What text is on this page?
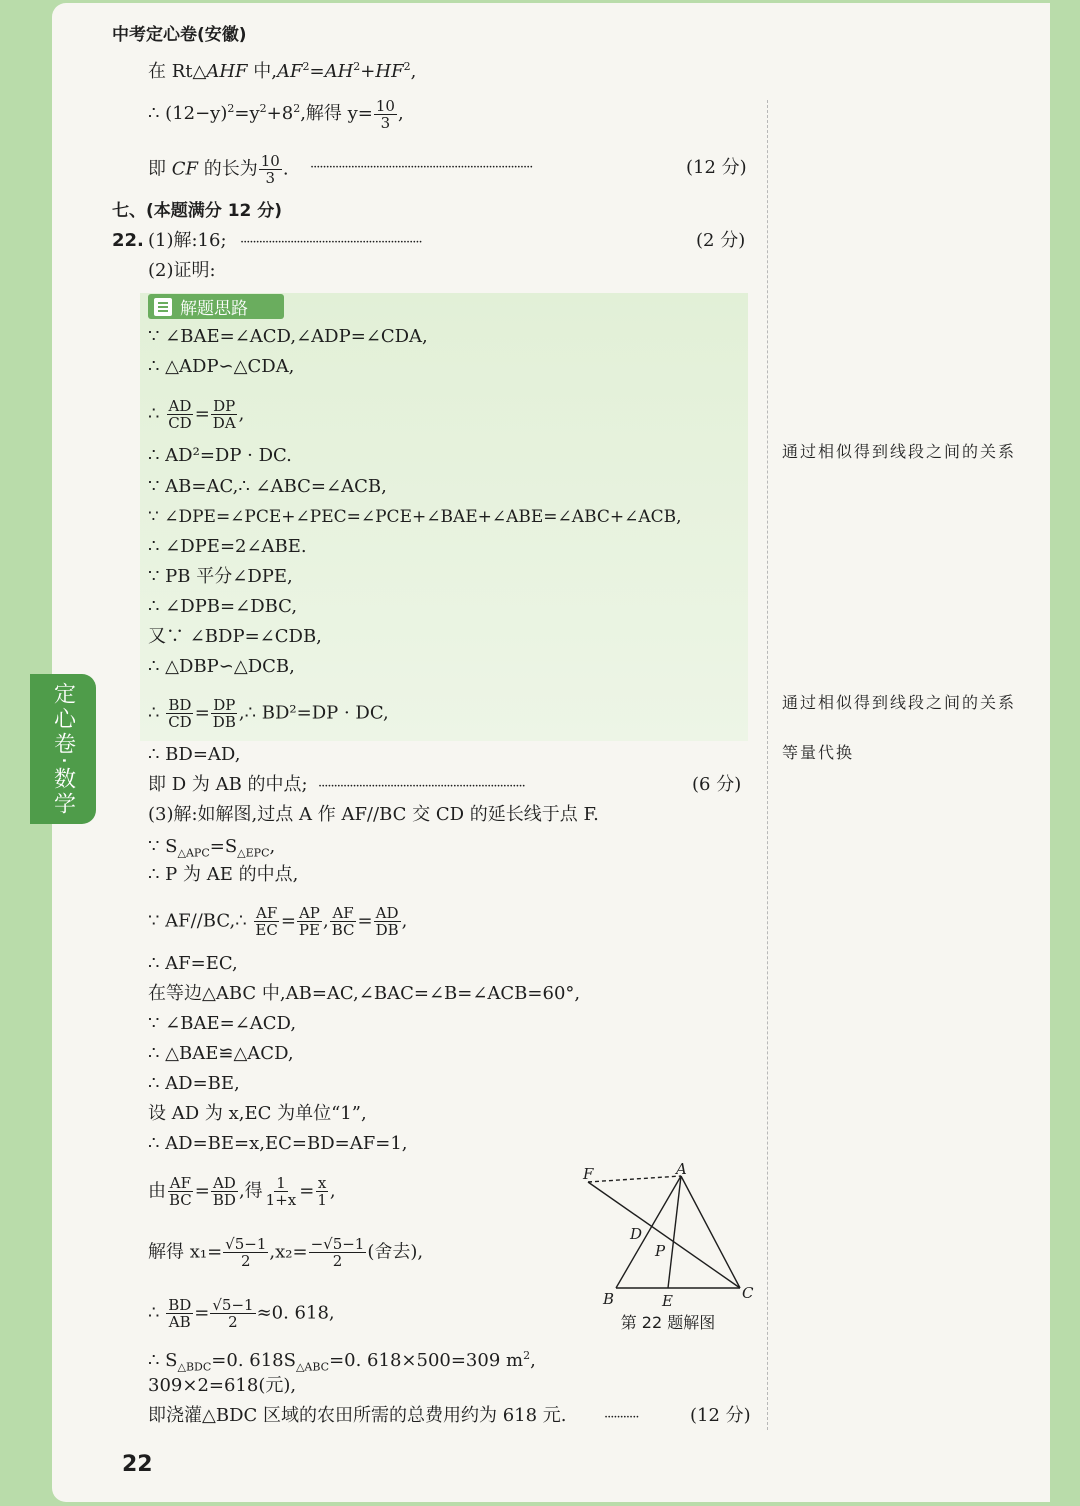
定心卷·数学
解题思路
中考定心卷(安徽)
在 Rt△AHF 中$,AF^2=AH^2+HF^2$,
∴ $(12-y)^2=y^2+8^2$,解得 $y= \frac{10}{3}$ ,
即 CF 的长为 $\frac{10}{3}$ . ·······································································	(12 分)
七、(本题满分 12 分)
22. (1)解:16; ··························································	(2 分)
(2)证明:
∵ ∠BAE=∠ACD,∠ADP=∠CDA,
∴ △ADP∽△CDA,
∴ $\frac{AD}{CD} = \frac{DP}{DA}$ ,
∴ AD²=DP · DC.
∵ AB=AC,∴ ∠ABC=∠ACB,
∵ ∠DPE=∠PCE+∠PEC=∠PCE+∠BAE+∠ABE=∠ABC+∠ACB,
∴ ∠DPE=2∠ABE.
∵ PB 平分∠DPE,
∴ ∠DPB=∠DBC,
又∵ ∠BDP=∠CDB,
∴ △DBP∽△DCB,
∴ $\frac{BD}{CD} = \frac{DP}{DB}$ ,∴ BD²=DP · DC,
∴ BD=AD,
即 D 为 AB 的中点; ··································································	(6 分)
(3)解:如解图,过点 A 作 AF//BC 交 CD 的延长线于点 F.
∵ $S_{\triangle APC}=S_{\triangle EPC}$,
∴ P 为 AE 的中点,
∵ AF//BC,∴ $\frac{AF}{EC} = \frac{AP}{PE}$ , $\frac{AF}{BC} = \frac{AD}{DB}$ ,
∴ AF=EC,
在等边△ABC 中,AB=AC,∠BAC=∠B=∠ACB=60°,
∵ ∠BAE=∠ACD,
∴ △BAE≌△ACD,
∴ AD=BE,
设 AD 为 x,EC 为单位“1”,
∴ AD=BE=x,EC=BD=AF=1,
由 $\frac{AF}{BC} = \frac{AD}{BD}$ ,得 $\frac{1}{1+x} = \frac{x}{1}$ ,
解得 $x_1= \frac{√5-1}{2} ,x_2= \frac{-√5-1}{2}$ (舍去),
∴ $\frac{BD}{AB} = \frac{√5-1}{2} \approx 0$. 618,
∴ $S_{\triangle BDC}=0$. $618S_{\triangle ABC}=0$. 618×500=309 $m^2$,
309×2=618(元),
即浇灌△BDC 区域的农田所需的总费用约为 618 元.	···········	(12 分)
通过相似得到线段之间的关系
通过相似得到线段之间的关系
等量代换
F	A
D
P
B	E	C
第 22 题解图
22
